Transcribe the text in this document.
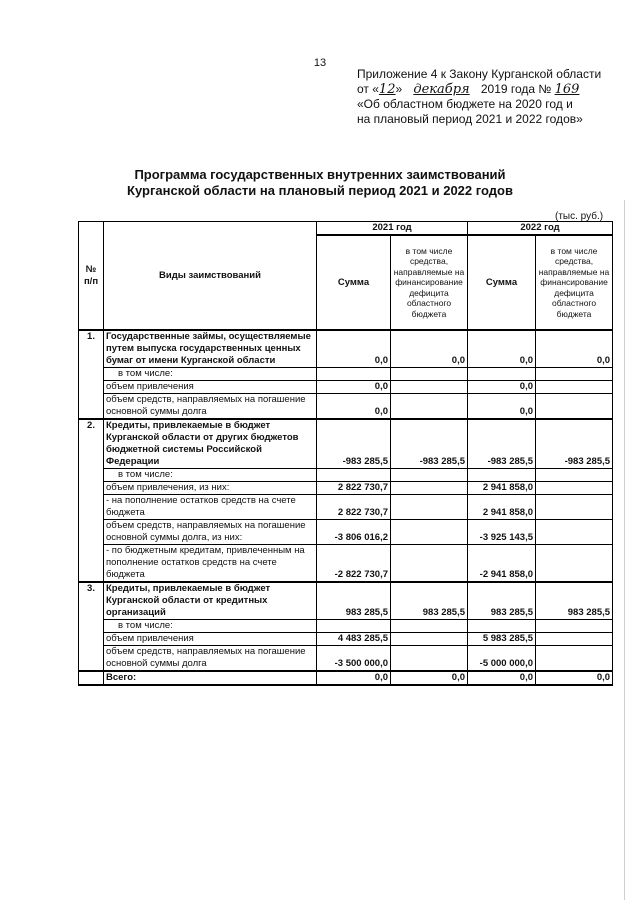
13
Приложение 4 к Закону Курганской области
от «12» декабря 2019 года № 169
«Об областном бюджете на 2020 год и
на плановый период 2021 и 2022 годов»
Программа государственных внутренних заимствований
Курганской области на плановый период 2021 и 2022 годов
(тыс. руб.)
№ п/п	Виды заимствований	2021 год		2022 год	
		Сумма	в том числе средства, направляемые на финансирование дефицита областного бюджета	Сумма	в том числе средства, направляемые на финансирование дефицита областного бюджета
1.	Государственные займы, осуществляемые путем выпуска государственных ценных бумаг от имени Курганской области	0,0	0,0	0,0	0,0
	в том числе:				
	объем привлечения	0,0		0,0	
	объем средств, направляемых на погашение основной суммы долга	0,0		0,0	
2.	Кредиты, привлекаемые в бюджет Курганской области от других бюджетов бюджетной системы Российской Федерации	-983 285,5	-983 285,5	-983 285,5	-983 285,5
	в том числе:				
	объем привлечения, из них:	2 822 730,7		2 941 858,0	
	- на пополнение остатков средств на счете бюджета	2 822 730,7		2 941 858,0	
	объем средств, направляемых на погашение основной суммы долга, из них:	-3 806 016,2		-3 925 143,5	
	- по бюджетным кредитам, привлеченным на пополнение остатков средств на счете бюджета	-2 822 730,7		-2 941 858,0	
3.	Кредиты, привлекаемые в бюджет Курганской области от кредитных организаций	983 285,5	983 285,5	983 285,5	983 285,5
	в том числе:				
	объем привлечения	4 483 285,5		5 983 285,5	
	объем средств, направляемых на погашение основной суммы долга	-3 500 000,0		-5 000 000,0	
	Всего:	0,0	0,0	0,0	0,0
